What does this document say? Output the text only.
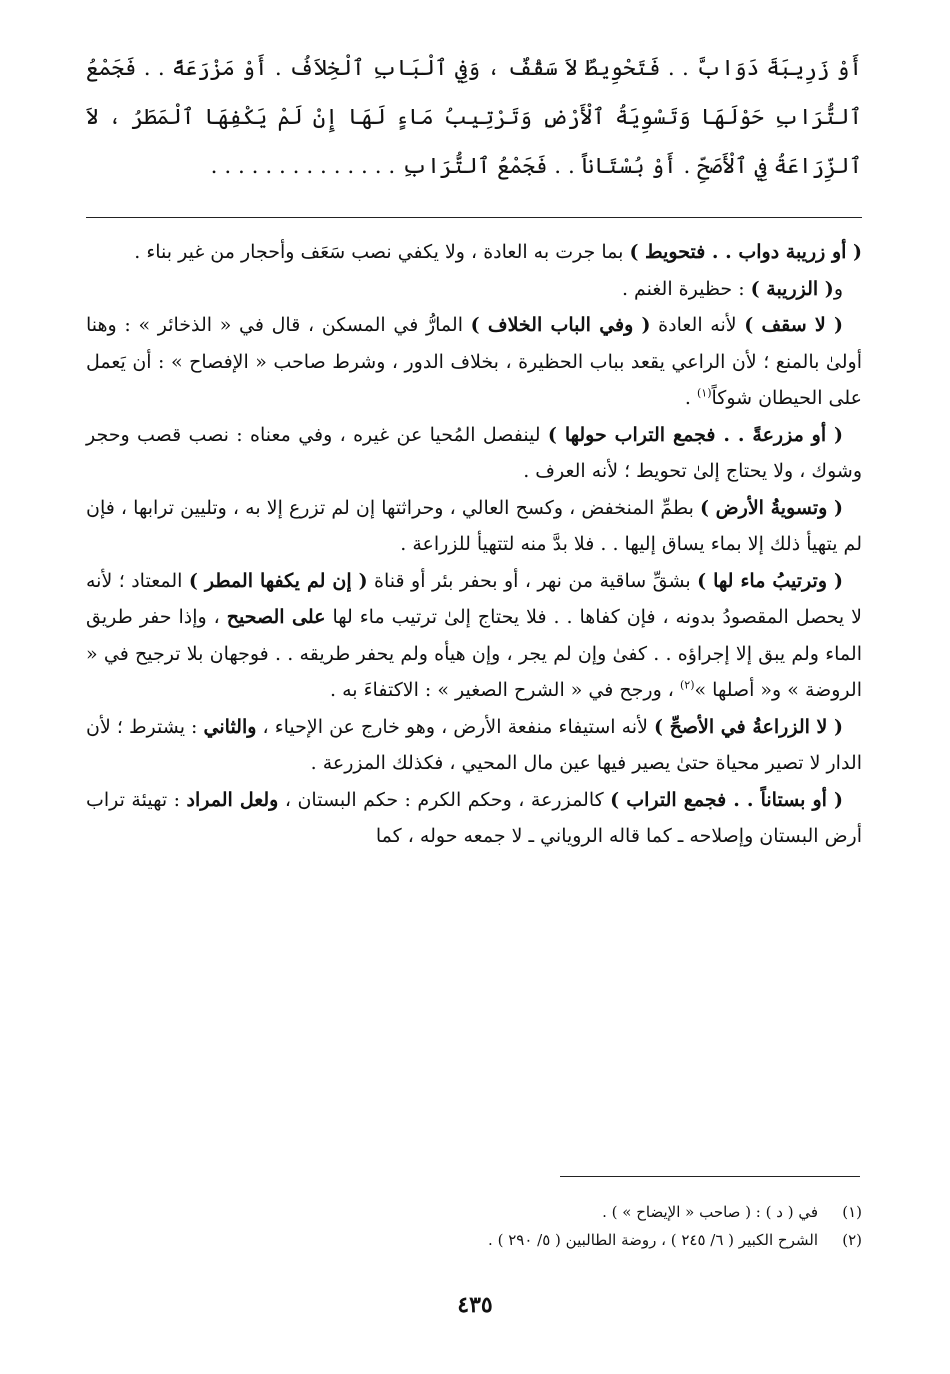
أَوْ زَرِيبَةَ دَوَابَّ . . فَتَحْوِيطٌ لاَ سَقْفٌ ، وَفِي ٱلْبَابِ ٱلْخِلاَفُ . أَوْ مَزْرَعَةً . . فَجَمْعُ ٱلتُّرَابِ حَوْلَهَا وَتَسْوِيَةُ ٱلْأَرْضِ وَتَرْتِيبُ مَاءٍ لَهَا إِنْ لَمْ يَكْفِهَا ٱلْمَطَرُ ، لاَ ٱلزِّرَاعَةُ فِي ٱلْأَصَحِّ . أَوْ بُسْتَاناً . . فَجَمْعُ ٱلتُّرَابِ . . . . . . . . . . . . . .

( أو زريبة دواب . . فتحويط ) بما جرت به العادة ، ولا يكفي نصب سَعَف وأحجار من غير بناء .

 و( الزريبة ) : حظيرة الغنم .

 ( لا سقف ) لأنه العادة ( وفي الباب الخلاف ) المارُّ في المسكن ، قال في « الذخائر » : وهنا أولىٰ بالمنع ؛ لأن الراعي يقعد بباب الحظيرة ، بخلاف الدور ، وشرط صاحب « الإفصاح » : أن يَعمل على الحيطان شوكاً$^{(١)}$ .

 ( أو مزرعةً . . فجمع التراب حولها ) لينفصل المُحيا عن غيره ، وفي معناه : نصب قصب وحجر وشوك ، ولا يحتاج إلىٰ تحويط ؛ لأنه العرف .

 ( وتسويةُ الأرض ) بطمِّ المنخفض ، وكسح العالي ، وحراثتها إن لم تزرع إلا به ، وتليين ترابها ، فإن لم يتهيأ ذلك إلا بماء يساق إليها . . فلا بدَّ منه لتتهيأ للزراعة .

 ( وترتيبُ ماء لها ) بشقِّ ساقية من نهر ، أو بحفر بئر أو قناة ( إن لم يكفها المطر ) المعتاد ؛ لأنه لا يحصل المقصودُ بدونه ، فإن كفاها . . فلا يحتاج إلىٰ ترتيب ماء لها على الصحيح ، وإذا حفر طريق الماء ولم يبق إلا إجراؤه . . كفىٰ وإن لم يجر ، وإن هيأه ولم يحفر طريقه . . فوجهان بلا ترجيح في « الروضة » و« أصلها »$^{(٢)}$ ، ورجح في « الشرح الصغير » : الاكتفاءَ به .

 ( لا الزراعةُ في الأصحِّ ) لأنه استيفاء منفعة الأرض ، وهو خارج عن الإحياء ، والثاني : يشترط ؛ لأن الدار لا تصير محياة حتىٰ يصير فيها عين مال المحيي ، فكذلك المزرعة .

 ( أو بستاناً . . فجمع التراب ) كالمزرعة ، وحكم الكرم : حكم البستان ، ولعل المراد : تهيئة تراب أرض البستان وإصلاحه ـ كما قاله الروياني ـ لا جمعه حوله ، كما

(١)
في ( د ) : ( صاحب « الإيضاح » ) .
(٢)
الشرح الكبير ( ٦/ ٢٤٥ ) ، روضة الطالبين ( ٥/ ٢٩٠ ) .
٤٣٥
